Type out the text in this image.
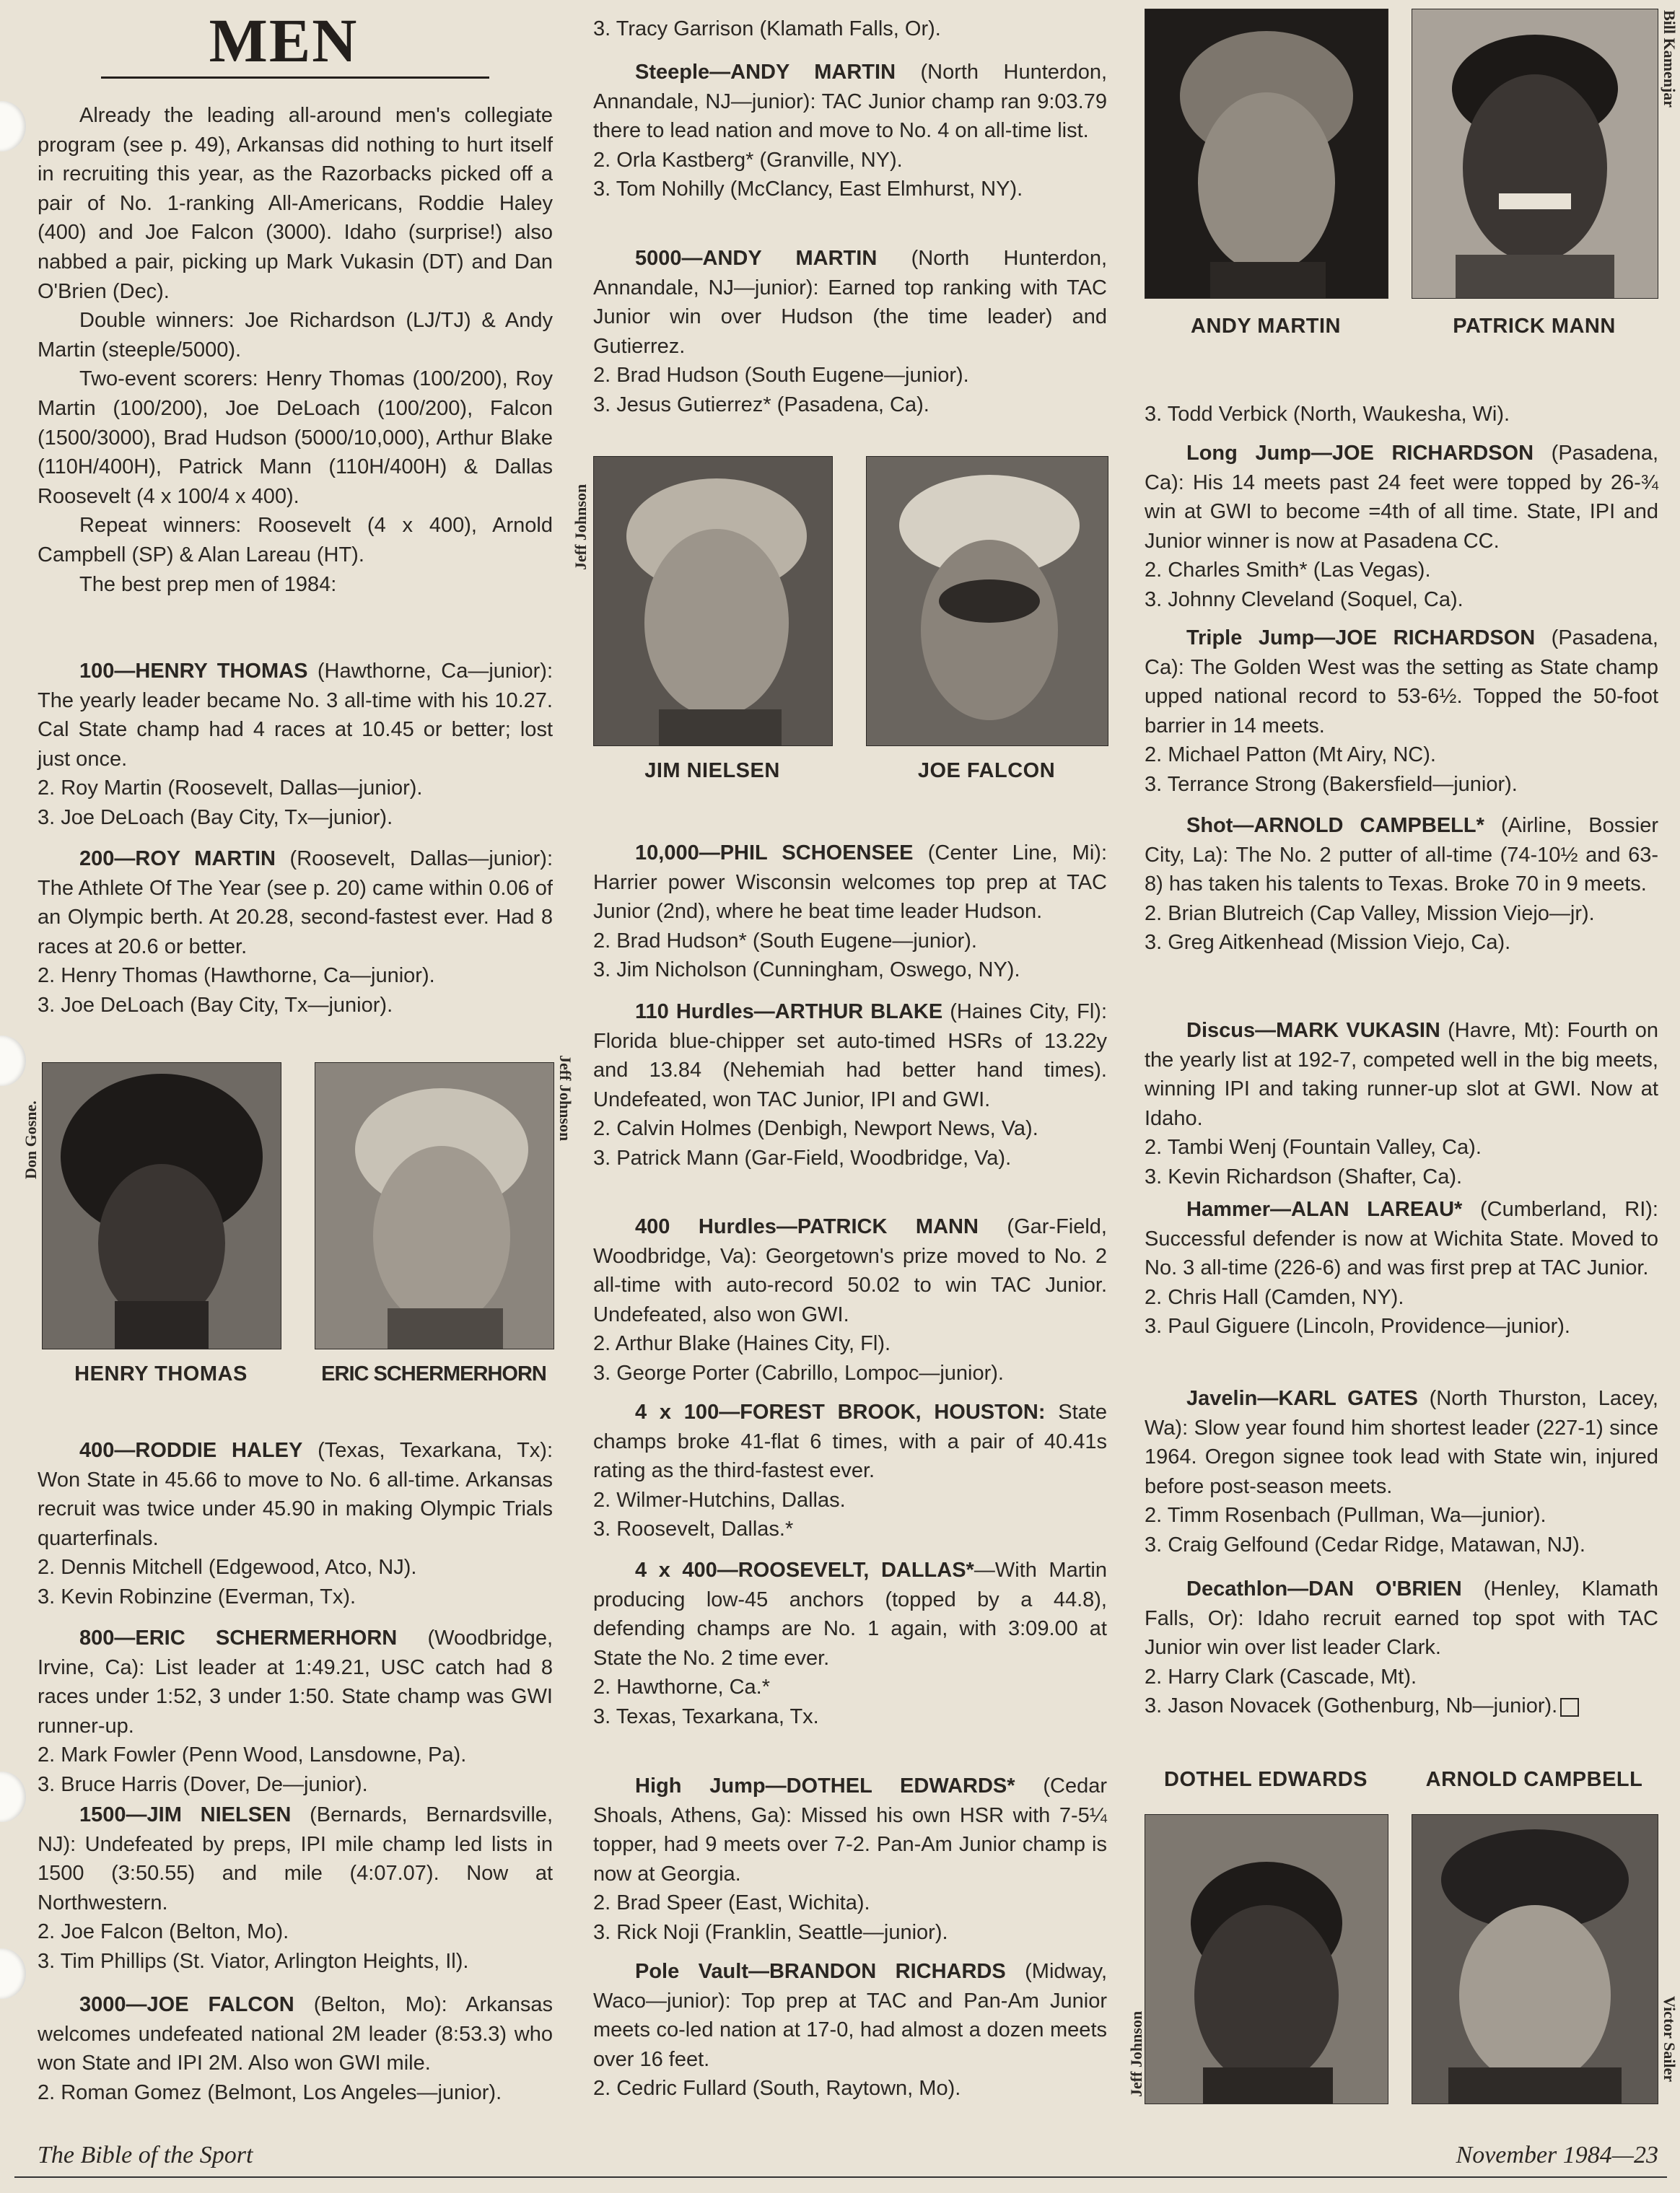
MEN

Already the leading all-around men's collegiate program (see p. 49), Arkansas did nothing to hurt itself in recruiting this year, as the Razorbacks picked off a pair of No. 1-ranking All-Americans, Roddie Haley (400) and Joe Falcon (3000). Idaho (surprise!) also nabbed a pair, picking up Mark Vukasin (DT) and Dan O'Brien (Dec).

Double winners: Joe Richardson (LJ/TJ) & Andy Martin (steeple/5000).

Two-event scorers: Henry Thomas (100/200), Roy Martin (100/200), Joe DeLoach (100/200), Falcon (1500/3000), Brad Hudson (5000/10,000), Arthur Blake (110H/400H), Patrick Mann (110H/400H) & Dallas Roosevelt (4 x 100/4 x 400).

Repeat winners: Roosevelt (4 x 400), Arnold Campbell (SP) & Alan Lareau (HT).

The best prep men of 1984:

100—HENRY THOMAS (Hawthorne, Ca—junior): The yearly leader became No. 3 all-time with his 10.27. Cal State champ had 4 races at 10.45 or better; lost just once.

2. Roy Martin (Roosevelt, Dallas—junior).

3. Joe DeLoach (Bay City, Tx—junior).

200—ROY MARTIN (Roosevelt, Dallas—junior): The Athlete Of The Year (see p. 20) came within 0.06 of an Olympic berth. At 20.28, second-fastest ever. Had 8 races at 20.6 or better.

2. Henry Thomas (Hawthorne, Ca—junior).

3. Joe DeLoach (Bay City, Tx—junior).

Don Gosne.	Jeff Johnson
HENRY THOMAS	ERIC SCHERMERHORN

400—RODDIE HALEY (Texas, Texarkana, Tx): Won State in 45.66 to move to No. 6 all-time. Arkansas recruit was twice under 45.90 in making Olympic Trials quarterfinals.

2. Dennis Mitchell (Edgewood, Atco, NJ).

3. Kevin Robinzine (Everman, Tx).

800—ERIC SCHERMERHORN (Woodbridge, Irvine, Ca): List leader at 1:49.21, USC catch had 8 races under 1:52, 3 under 1:50. State champ was GWI runner-up.

2. Mark Fowler (Penn Wood, Lansdowne, Pa).

3. Bruce Harris (Dover, De—junior).

1500—JIM NIELSEN (Bernards, Bernardsville, NJ): Undefeated by preps, IPI mile champ led lists in 1500 (3:50.55) and mile (4:07.07). Now at Northwestern.

2. Joe Falcon (Belton, Mo).

3. Tim Phillips (St. Viator, Arlington Heights, Il).

3000—JOE FALCON (Belton, Mo): Arkansas welcomes undefeated national 2M leader (8:53.3) who won State and IPI 2M. Also won GWI mile.

2. Roman Gomez (Belmont, Los Angeles—junior).

3. Tracy Garrison (Klamath Falls, Or).

Steeple—ANDY MARTIN (North Hunterdon, Annandale, NJ—junior): TAC Junior champ ran 9:03.79 there to lead nation and move to No. 4 on all-time list.

2. Orla Kastberg* (Granville, NY).

3. Tom Nohilly (McClancy, East Elmhurst, NY).

5000—ANDY MARTIN (North Hunterdon, Annandale, NJ—junior): Earned top ranking with TAC Junior win over Hudson (the time leader) and Gutierrez.

2. Brad Hudson (South Eugene—junior).

3. Jesus Gutierrez* (Pasadena, Ca).

Jeff Johnson
JIM NIELSEN	JOE FALCON

10,000—PHIL SCHOENSEE (Center Line, Mi): Harrier power Wisconsin welcomes top prep at TAC Junior (2nd), where he beat time leader Hudson.

2. Brad Hudson* (South Eugene—junior).

3. Jim Nicholson (Cunningham, Oswego, NY).

110 Hurdles—ARTHUR BLAKE (Haines City, Fl): Florida blue-chipper set auto-timed HSRs of 13.22y and 13.84 (Nehemiah had better hand times). Undefeated, won TAC Junior, IPI and GWI.

2. Calvin Holmes (Denbigh, Newport News, Va).

3. Patrick Mann (Gar-Field, Woodbridge, Va).

400 Hurdles—PATRICK MANN (Gar-Field, Woodbridge, Va): Georgetown's prize moved to No. 2 all-time with auto-record 50.02 to win TAC Junior. Undefeated, also won GWI.

2. Arthur Blake (Haines City, Fl).

3. George Porter (Cabrillo, Lompoc—junior).

4 x 100—FOREST BROOK, HOUSTON: State champs broke 41-flat 6 times, with a pair of 40.41s rating as the third-fastest ever.

2. Wilmer-Hutchins, Dallas.

3. Roosevelt, Dallas.*

4 x 400—ROOSEVELT, DALLAS*—With Martin producing low-45 anchors (topped by a 44.8), defending champs are No. 1 again, with 3:09.00 at State the No. 2 time ever.

2. Hawthorne, Ca.*

3. Texas, Texarkana, Tx.

High Jump—DOTHEL EDWARDS* (Cedar Shoals, Athens, Ga): Missed his own HSR with 7-5¼ topper, had 9 meets over 7-2. Pan-Am Junior champ is now at Georgia.

2. Brad Speer (East, Wichita).

3. Rick Noji (Franklin, Seattle—junior).

Pole Vault—BRANDON RICHARDS (Midway, Waco—junior): Top prep at TAC and Pan-Am Junior meets co-led nation at 17-0, had almost a dozen meets over 16 feet.

2. Cedric Fullard (South, Raytown, Mo).

Bill Kamenjar
ANDY MARTIN	PATRICK MANN

3. Todd Verbick (North, Waukesha, Wi).

Long Jump—JOE RICHARDSON (Pasadena, Ca): His 14 meets past 24 feet were topped by 26-¾ win at GWI to become =4th of all time. State, IPI and Junior winner is now at Pasadena CC.

2. Charles Smith* (Las Vegas).

3. Johnny Cleveland (Soquel, Ca).

Triple Jump—JOE RICHARDSON (Pasadena, Ca): The Golden West was the setting as State champ upped national record to 53-6½. Topped the 50-foot barrier in 14 meets.

2. Michael Patton (Mt Airy, NC).

3. Terrance Strong (Bakersfield—junior).

Shot—ARNOLD CAMPBELL* (Airline, Bossier City, La): The No. 2 putter of all-time (74-10½ and 63-8) has taken his talents to Texas. Broke 70 in 9 meets.

2. Brian Blutreich (Cap Valley, Mission Viejo—jr).

3. Greg Aitkenhead (Mission Viejo, Ca).

Discus—MARK VUKASIN (Havre, Mt): Fourth on the yearly list at 192-7, competed well in the big meets, winning IPI and taking runner-up slot at GWI. Now at Idaho.

2. Tambi Wenj (Fountain Valley, Ca).

3. Kevin Richardson (Shafter, Ca).

Hammer—ALAN LAREAU* (Cumberland, RI): Successful defender is now at Wichita State. Moved to No. 3 all-time (226-6) and was first prep at TAC Junior.

2. Chris Hall (Camden, NY).

3. Paul Giguere (Lincoln, Providence—junior).

Javelin—KARL GATES (North Thurston, Lacey, Wa): Slow year found him shortest leader (227-1) since 1964. Oregon signee took lead with State win, injured before post-season meets.

2. Timm Rosenbach (Pullman, Wa—junior).

3. Craig Gelfound (Cedar Ridge, Matawan, NJ).

Decathlon—DAN O'BRIEN (Henley, Klamath Falls, Or): Idaho recruit earned top spot with TAC Junior win over list leader Clark.

2. Harry Clark (Cascade, Mt).

3. Jason Novacek (Gothenburg, Nb—junior).

DOTHEL EDWARDS	ARNOLD CAMPBELL
Jeff Johnson	Victor Sailer
The Bible of the Sport	November 1984—23
